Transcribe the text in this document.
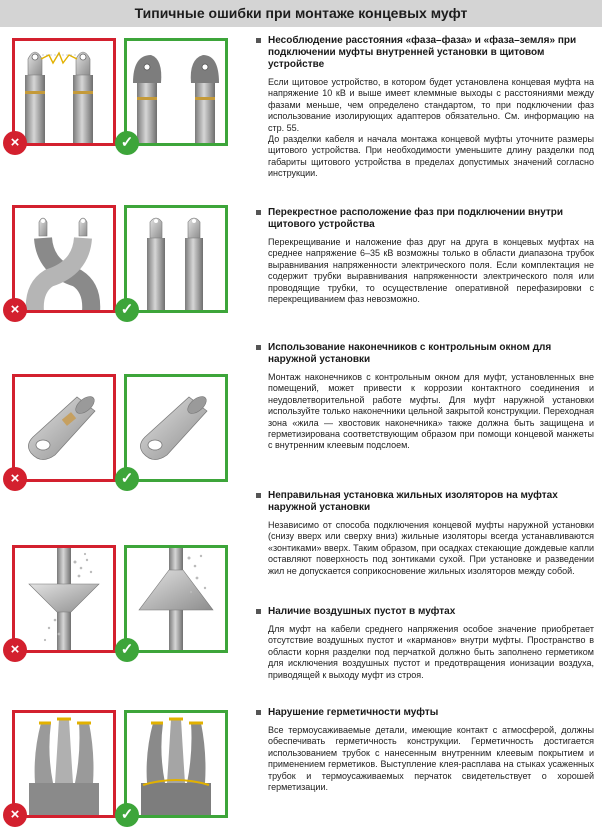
Типичные ошибки при монтаже концевых муфт
×	✓
Несоблюдение расстояния «фаза–фаза» и «фаза–земля» при подключении муфты внутренней установки в щитовом устройстве

Если щитовое устройство, в котором будет установлена концевая муфта на напряжение 10 кВ и выше имеет клеммные выходы с расстояниями между фазами меньше, чем определено стандартом, то при подключении фаз использование изолирующих адаптеров обязательно. См. информацию на стр. 55.

До разделки кабеля и начала монтажа концевой муфты уточните размеры щитового устройства. При необходимости уменьшите длину разделки под габариты щитового устройства в пределах допустимых значений согласно инструкции.

×	✓
Перекрестное расположение фаз при подключении внутри щитового устройства

Перекрещивание и наложение фаз друг на друга в концевых муфтах на среднее напряжение 6–35 кВ возможны только в области диапазона трубок выравнивания напряженности электрического поля. Если комплектация не содержит трубки выравнивания напряженности электрического поля или проводящие трубки, то осуществление оперативной перефазировки с перекрещиванием фаз невозможно.

×	✓
Использование наконечников с контрольным окном для наружной установки

Монтаж наконечников с контрольным окном для муфт, установленных вне помещений, может привести к коррозии контактного соединения и неудовлетворительной работе муфты. Для муфт наружной установки используйте только наконечники цельной закрытой конструкции. Переходная зона «жила — хвостовик наконечника» также должна быть защищена и герметизирована соответствующим образом при помощи концевой манжеты с внутренним клеевым подслоем.

×	✓
Неправильная установка жильных изоляторов на муфтах наружной установки

Независимо от способа подключения концевой муфты наружной установки (снизу вверх или сверху вниз) жильные изоляторы всегда устанавливаются «зонтиками» вверх. Таким образом, при осадках стекающие дождевые капли оставляют поверхность под зонтиками сухой. При установке и разведении жил не допускается соприкосновение жильных изоляторов между собой.

Наличие воздушных пустот в муфтах

Для муфт на кабели среднего напряжения особое значение приобретает отсутствие воздушных пустот и «карманов» внутри муфты. Пространство в области корня разделки под перчаткой должно быть заполнено герметиком для исключения воздушных пустот и предотвращения ионизации воздуха, приводящей к выходу муфт из строя.

×	✓
Нарушение герметичности муфты

Все термоусаживаемые детали, имеющие контакт с атмосферой, должны обеспечивать герметичность конструкции. Герметичность достигается использованием трубок с нанесенным внутренним клеевым покрытием и применением герметиков. Выступление клея-расплава на стыках усаженных трубок и термоусаживаемых перчаток свидетельствует о хорошей герметизации.
